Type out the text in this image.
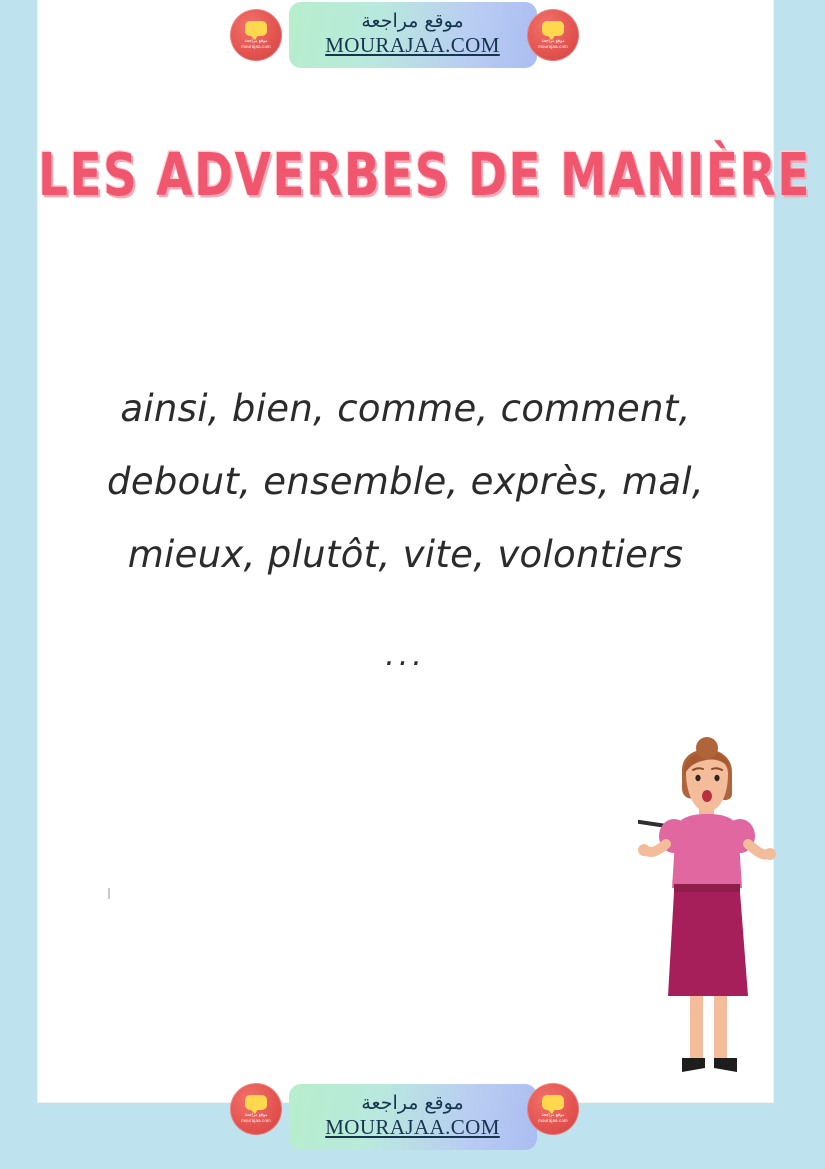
LES ADVERBES DE MANIÈRE
ainsi, bien, comme, comment,
debout, ensemble, exprès, mal,
mieux, plutôt, vite, volontiers
...
موقع مراجعة
MOURAJAA.COM
موقع مراجعة mourajaa.com
موقع مراجعة mourajaa.com
موقع مراجعة
MOURAJAA.COM
موقع مراجعة mourajaa.com
موقع مراجعة mourajaa.com
